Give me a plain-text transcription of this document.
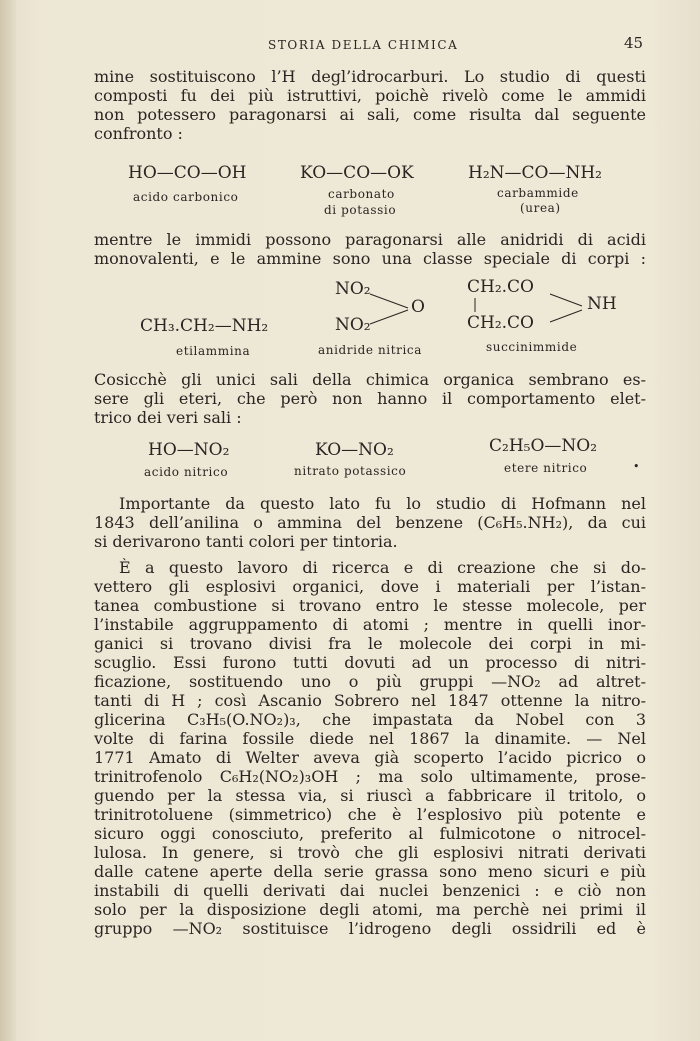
STORIA DELLA CHIMICA	45
mine sostituiscono l’H degl’idrocarburi. Lo studio di questi
composti fu dei più istruttivi, poichè rivelò come le ammidi
non potessero paragonarsi ai sali, come risulta dal seguente
confronto :
HO—CO—OH
acido carbonico
KO—CO—OK
carbonato
di potassio
H₂N—CO—NH₂
carbammide
(urea)
mentre le immidi possono paragonarsi alle anidridi di acidi
monovalenti, e le ammine sono una classe speciale di corpi :
CH₃.CH₂—NH₂
etilammina
NO₂
NO₂
O
anidride nitrica
CH₂.CO
CH₂.CO
NH
succinimmide
Cosicchè gli unici sali della chimica organica sembrano es-
sere gli eteri, che però non hanno il comportamento elet-
trico dei veri sali :
HO—NO₂
acido nitrico
KO—NO₂
nitrato potassico
C₂H₅O—NO₂
etere nitrico	•
Importante da questo lato fu lo studio di Hofmann nel
1843 dell’anilina o ammina del benzene (C₆H₅.NH₂), da cui
si derivarono tanti colori per tintoria.
È a questo lavoro di ricerca e di creazione che si do-
vettero gli esplosivi organici, dove i materiali per l’istan-
tanea combustione si trovano entro le stesse molecole, per
l’instabile aggruppamento di atomi ; mentre in quelli inor-
ganici si trovano divisi fra le molecole dei corpi in mi-
scuglio. Essi furono tutti dovuti ad un processo di nitri-
ficazione, sostituendo uno o più gruppi —NO₂ ad altret-
tanti di H ; così Ascanio Sobrero nel 1847 ottenne la nitro-
glicerina C₃H₅(O.NO₂)₃, che impastata da Nobel con 3
volte di farina fossile diede nel 1867 la dinamite. — Nel
1771 Amato di Welter aveva già scoperto l’acido picrico o
trinitrofenolo C₆H₂(NO₂)₃OH ; ma solo ultimamente, prose-
guendo per la stessa via, si riuscì a fabbricare il tritolo, o
trinitrotoluene (simmetrico) che è l’esplosivo più potente e
sicuro oggi conosciuto, preferito al fulmicotone o nitrocel-
lulosa. In genere, si trovò che gli esplosivi nitrati derivati
dalle catene aperte della serie grassa sono meno sicuri e più
instabili di quelli derivati dai nuclei benzenici : e ciò non
solo per la disposizione degli atomi, ma perchè nei primi il
gruppo —NO₂ sostituisce l’idrogeno degli ossidrili ed è
